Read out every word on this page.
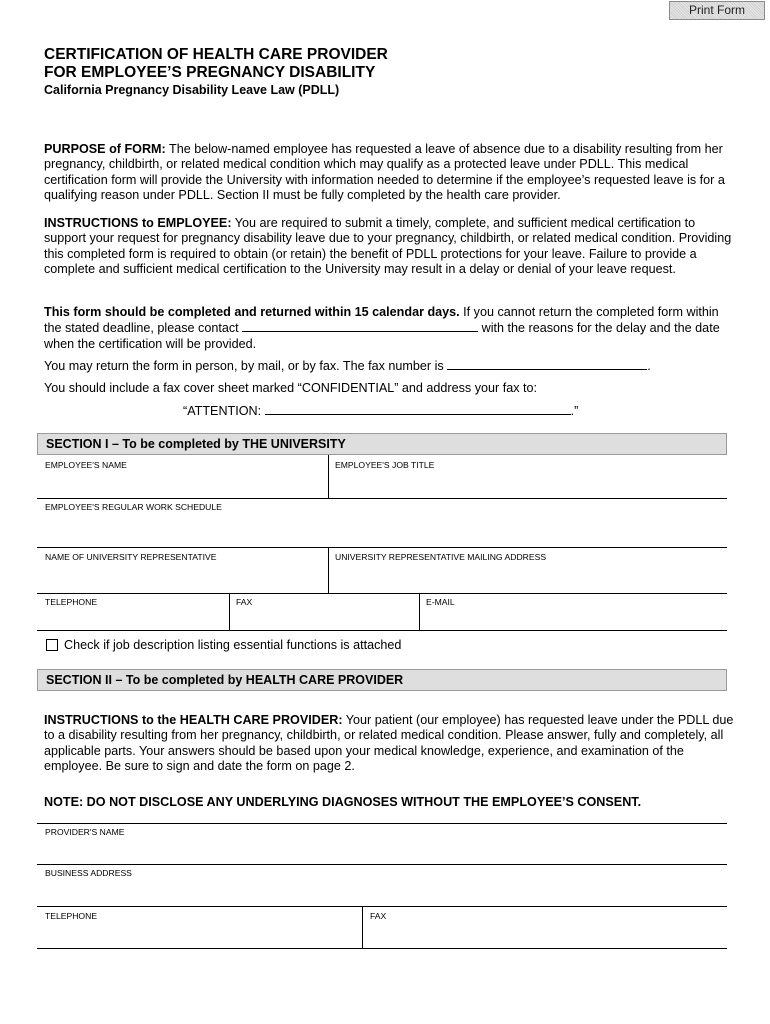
Print Form
CERTIFICATION OF HEALTH CARE PROVIDER
FOR EMPLOYEE’S PREGNANCY DISABILITY
California Pregnancy Disability Leave Law (PDLL)
PURPOSE of FORM: The below-named employee has requested a leave of absence due to a disability resulting from her pregnancy, childbirth, or related medical condition which may qualify as a protected leave under PDLL. This medical certification form will provide the University with information needed to determine if the employee’s requested leave is for a qualifying reason under PDLL. Section II must be fully completed by the health care provider.
INSTRUCTIONS to EMPLOYEE: You are required to submit a timely, complete, and sufficient medical certification to support your request for pregnancy disability leave due to your pregnancy, childbirth, or related medical condition. Providing this completed form is required to obtain (or retain) the benefit of PDLL protections for your leave. Failure to provide a complete and sufficient medical certification to the University may result in a delay or denial of your leave request.
This form should be completed and returned within 15 calendar days. If you cannot return the completed form within the stated deadline, please contact	with the reasons for the delay and the date when the certification will be provided.
You may return the form in person, by mail, or by fax. The fax number is	.
You should include a fax cover sheet marked “CONFIDENTIAL” and address your fax to:
“ATTENTION:	.”
SECTION I – To be completed by THE UNIVERSITY
EMPLOYEE'S NAME	EMPLOYEE'S JOB TITLE
EMPLOYEE'S REGULAR WORK SCHEDULE
NAME OF UNIVERSITY REPRESENTATIVE	UNIVERSITY REPRESENTATIVE MAILING ADDRESS
TELEPHONE	FAX	E-MAIL
Check if job description listing essential functions is attached
SECTION II – To be completed by HEALTH CARE PROVIDER
INSTRUCTIONS to the HEALTH CARE PROVIDER: Your patient (our employee) has requested leave under the PDLL due to a disability resulting from her pregnancy, childbirth, or related medical condition. Please answer, fully and completely, all applicable parts. Your answers should be based upon your medical knowledge, experience, and examination of the employee. Be sure to sign and date the form on page 2.
NOTE: DO NOT DISCLOSE ANY UNDERLYING DIAGNOSES WITHOUT THE EMPLOYEE’S CONSENT.
PROVIDER'S NAME
BUSINESS ADDRESS
TELEPHONE	FAX
